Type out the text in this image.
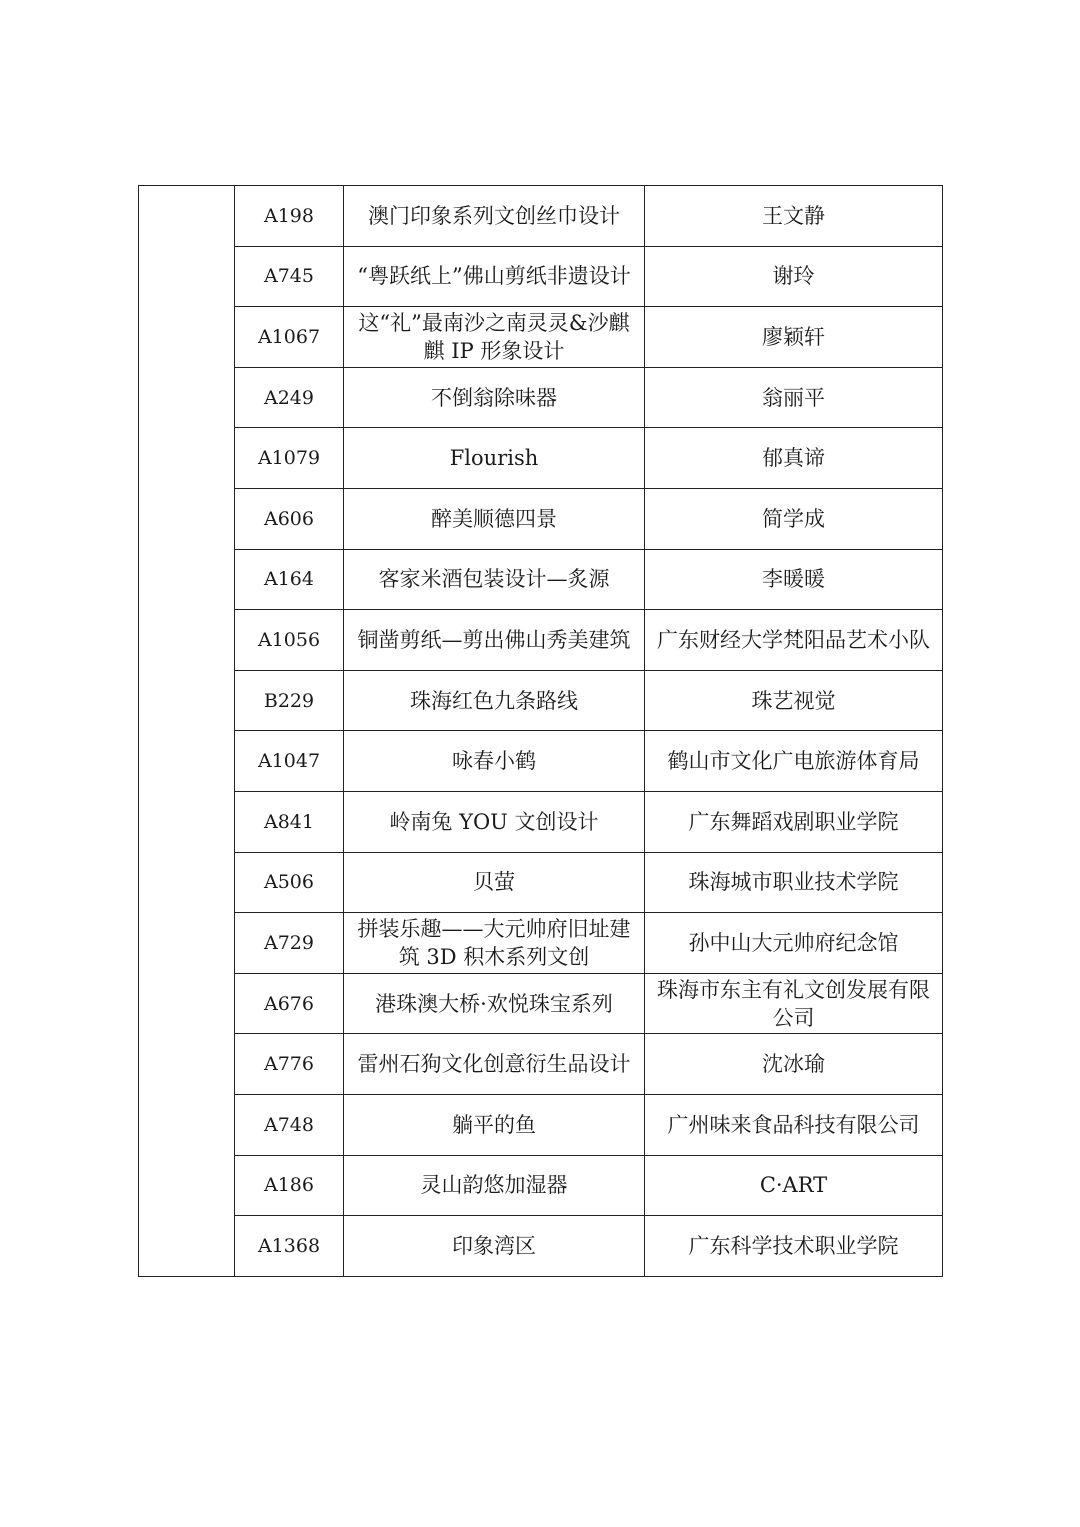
	A198	澳门印象系列文创丝巾设计	王文静
	A745	“粤跃纸上”佛山剪纸非遗设计	谢玲
	A1067	这“礼”最南沙之南灵灵&沙麒麒 IP 形象设计	廖颖轩
	A249	不倒翁除味器	翁丽平
	A1079	Flourish	郁真谛
	A606	醉美顺德四景	简学成
	A164	客家米酒包装设计—炙源	李暖暖
	A1056	铜凿剪纸—剪出佛山秀美建筑	广东财经大学梵阳品艺术小队
	B229	珠海红色九条路线	珠艺视觉
	A1047	咏春小鹤	鹤山市文化广电旅游体育局
	A841	岭南兔 YOU 文创设计	广东舞蹈戏剧职业学院
	A506	贝萤	珠海城市职业技术学院
	A729	拼装乐趣——大元帅府旧址建筑 3D 积木系列文创	孙中山大元帅府纪念馆
	A676	港珠澳大桥·欢悦珠宝系列	珠海市东主有礼文创发展有限公司
	A776	雷州石狗文化创意衍生品设计	沈冰瑜
	A748	躺平的鱼	广州味来食品科技有限公司
	A186	灵山韵悠加湿器	C·ART
	A1368	印象湾区	广东科学技术职业学院
